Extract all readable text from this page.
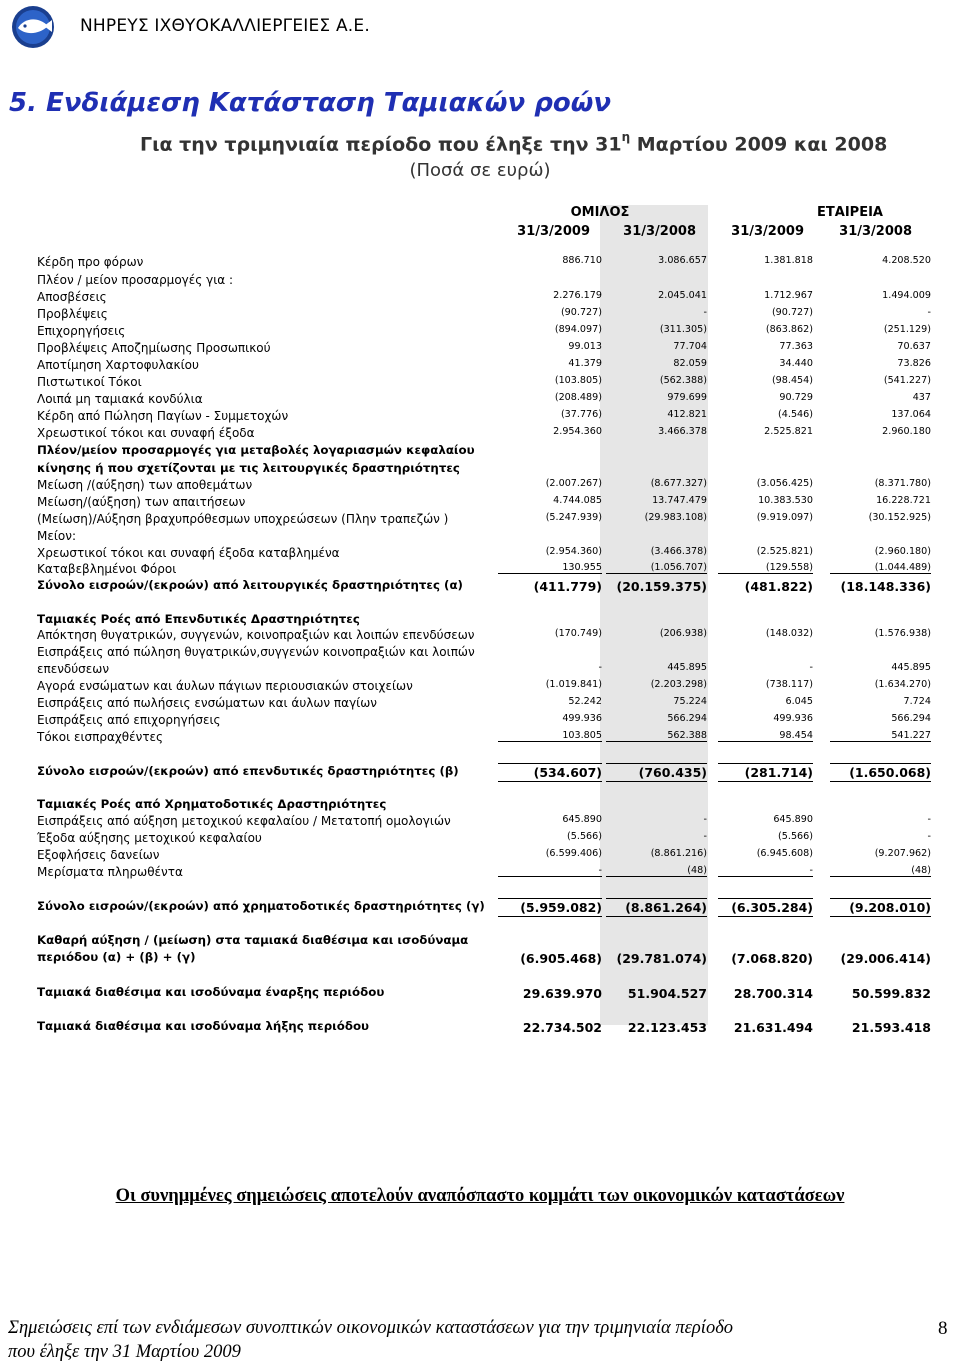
ΝΗΡΕΥΣ ΙΧΘΥΟΚΑΛΛΙΕΡΓΕΙΕΣ Α.Ε.
5. Ενδιάμεση Κατάσταση Ταμιακών ροών
Για την τριμηνιαία περίοδο που έληξε την $31^\eta$ Μαρτίου 2009 και 2008
(Ποσά σε ευρώ)
ΟΜΙΛΟΣ	ΕΤΑΙΡΕΙΑ
31/3/2009	31/3/2008	31/3/2009	31/3/2008
Κέρδη προ φόρων	886.710	3.086.657	1.381.818	4.208.520
Πλέον / μείον προσαρμογές για :
Αποσβέσεις	2.276.179	2.045.041	1.712.967	1.494.009
Προβλέψεις	(90.727)	-	(90.727)	-
Επιχορηγήσεις	(894.097)	(311.305)	(863.862)	(251.129)
Προβλέψεις Αποζημίωσης Προσωπικού	99.013	77.704	77.363	70.637
Αποτίμηση Χαρτοφυλακίου	41.379	82.059	34.440	73.826
Πιστωτικοί Τόκοι	(103.805)	(562.388)	(98.454)	(541.227)
Λοιπά μη ταμιακά κονδύλια	(208.489)	979.699	90.729	437
Κέρδη από Πώληση Παγίων - Συμμετοχών	(37.776)	412.821	(4.546)	137.064
Χρεωστικοί τόκοι και συναφή έξοδα	2.954.360	3.466.378	2.525.821	2.960.180
Πλέον/μείον προσαρμογές για μεταβολές λογαριασμών κεφαλαίου
κίνησης ή που σχετίζονται με τις λειτουργικές δραστηριότητες
Μείωση /(αύξηση) των αποθεμάτων	(2.007.267)	(8.677.327)	(3.056.425)	(8.371.780)
Μείωση/(αύξηση) των απαιτήσεων	4.744.085	13.747.479	10.383.530	16.228.721
(Μείωση)/Αύξηση βραχυπρόθεσμων υποχρεώσεων (Πλην τραπεζών )	(5.247.939)	(29.983.108)	(9.919.097)	(30.152.925)
Μείον:
Χρεωστικοί τόκοι και συναφή έξοδα καταβλημένα	(2.954.360)	(3.466.378)	(2.525.821)	(2.960.180)
Καταβεβλημένοι Φόροι	130.955	(1.056.707)	(129.558)	(1.044.489)
Σύνολο εισροών/(εκροών) από λειτουργικές δραστηριότητες (α)	(411.779)	(20.159.375)	(481.822)	(18.148.336)
Ταμιακές Ροές από Επενδυτικές Δραστηριότητες
Απόκτηση θυγατρικών, συγγενών, κοινοπραξιών και λοιπών επενδύσεων	(170.749)	(206.938)	(148.032)	(1.576.938)
Εισπράξεις από πώληση θυγατρικών,συγγενών κοινοπραξιών και λοιπών
επενδύσεων	-	445.895	-	445.895
Αγορά ενσώματων και άυλων πάγιων περιουσιακών στοιχείων	(1.019.841)	(2.203.298)	(738.117)	(1.634.270)
Εισπράξεις από πωλήσεις ενσώματων και άυλων παγίων	52.242	75.224	6.045	7.724
Εισπράξεις από επιχορηγήσεις	499.936	566.294	499.936	566.294
Τόκοι εισπραχθέντες	103.805	562.388	98.454	541.227
Σύνολο εισροών/(εκροών) από επενδυτικές δραστηριότητες (β)	(534.607)	(760.435)	(281.714)	(1.650.068)
Ταμιακές Ροές από Χρηματοδοτικές Δραστηριότητες
Εισπράξεις από αύξηση μετοχικού κεφαλαίου / Μετατοπή ομολογιών	645.890	-	645.890	-
Έξοδα αύξησης μετοχικού κεφαλαίου	(5.566)	-	(5.566)	-
Εξοφλήσεις δανείων	(6.599.406)	(8.861.216)	(6.945.608)	(9.207.962)
Μερίσματα πληρωθέντα	-	(48)	-	(48)
Σύνολο εισροών/(εκροών) από χρηματοδοτικές δραστηριότητες (γ)	(5.959.082)	(8.861.264)	(6.305.284)	(9.208.010)
Καθαρή αύξηση / (μείωση) στα ταμιακά διαθέσιμα και ισοδύναμα
περιόδου (α) + (β) + (γ)	(6.905.468)	(29.781.074)	(7.068.820)	(29.006.414)
Ταμιακά διαθέσιμα και ισοδύναμα έναρξης περιόδου	29.639.970	51.904.527	28.700.314	50.599.832
Ταμιακά διαθέσιμα και ισοδύναμα λήξης περιόδου	22.734.502	22.123.453	21.631.494	21.593.418
Οι συνημμένες σημειώσεις αποτελούν αναπόσπαστο κομμάτι των οικονομικών καταστάσεων
Σημειώσεις επί των ενδιάμεσων συνοπτικών οικονομικών καταστάσεων για την τριμηνιαία περίοδο
που έληξε την 31 Μαρτίου 2009
8
